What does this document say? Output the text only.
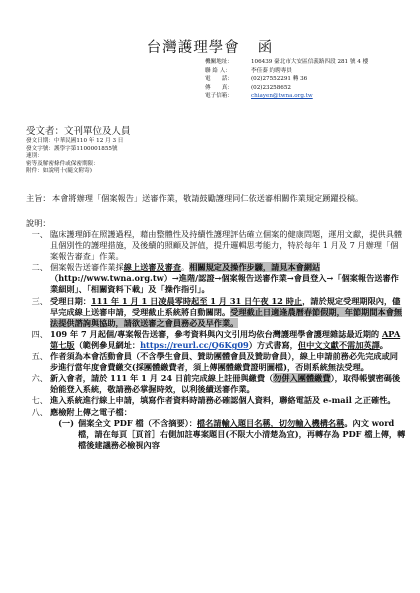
台灣護理學會 函
機關地址：	106439 臺北市大安區信義路四段 281 號 4 樓
聯 絡 人：	李佳蓁 約聘專員
電　　話：	(02)27552291 轉 36
傳　　真：	(02)23258652
電子信箱：	chiayen@twna.org.tw
受文者：文刊單位及人員
發文日期：中華民國110 年 12 月 3 日
發文字號：護學字第1100001855號
速別：
密等及解密條件或保密期限：
附件：如說明十(隨文附寄)
主旨： 本會將辦理「個案報告」送審作業，敬請鼓勵護理同仁依送審相關作業規定踴躍投稿。
說明：
一、 臨床護理師在照護過程，藉由整體性及持續性護理評估確立個案的健康問題，運用文獻，提供具體且個別性的護理措施，及後續的照顧及評值，提升邏輯思考能力，特於每年 1 月及 7 月辦理「個案報告審查」作業。
二、 個案報告送審作業採線上送審及審查。相關規定及操作步驟，請見本會網站（http://www.twna.org.tw）→進階/認證→個案報告送審作業→會員登入→「個案報告送審作業細則」、「相關資料下載」及「操作指引」。
三、 受理日期：111 年 1 月 1 日凌晨零時起至 1 月 31 日午夜 12 時止，請於規定受理期限內，儘早完成線上送審申請，受理截止系統將自動關閉。受理截止日適逢農曆春節假期，年節期間本會無法提供諮詢與協助，請欲送審之會員務必及早作業。
四、 109 年 7 月起個/專案報告送審，參考資料與內文引用均依台灣護理學會護理雜誌最近期的 APA 第七版（範例參見網址：https://reurl.cc/Q6Kg09）方式書寫，但中文文獻不需加英譯。
五、 作者須為本會活動會員（不含學生會員、贊助團體會員及贊助會員），線上申請前務必先完成或同步進行當年度會費繳交(採團體繳費者，須上傳團體繳費證明圖檔)，否則系統無法受理。
六、 新入會者，請於 111 年 1 月 24 日前完成線上註冊與繳費（勿併入團體繳費），取得帳號密碼後始能登入系統，敬請務必掌握時效，以利後續送審作業。
七、 進入系統進行線上申請，填寫作者資料時請務必確認個人資料，聯絡電話及 e-mail 之正確性。
八、 應檢附上傳之電子檔：
(一) 個案全文 PDF 檔（不含摘要）：檔名請輸入題目名稱，切勿輸入機構名稱。內文 word 檔，請在每頁［頁首］右側加註專案題目(不限大小清楚為宜)，再轉存為 PDF 檔上傳，轉檔後建議務必檢視內容
